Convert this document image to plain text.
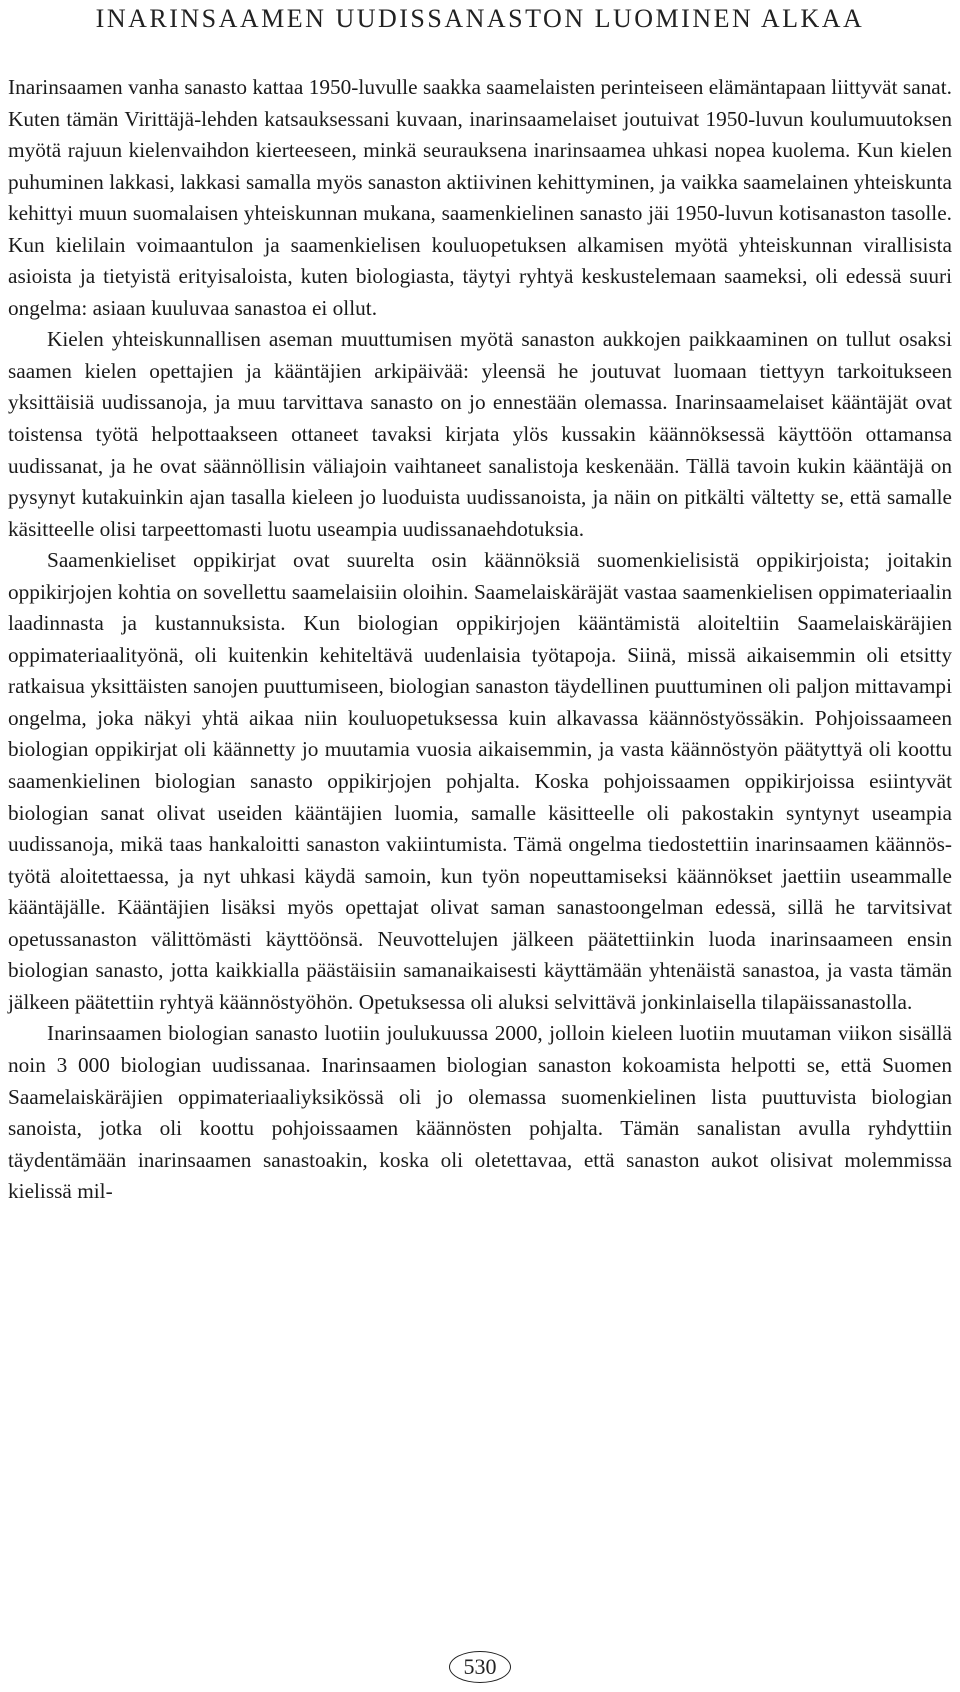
INARINSAAMEN UUDISSANASTON LUOMINEN ALKAA

Inarinsaamen vanha sanasto kattaa 1950-luvulle saakka saamelaisten perinteiseen elämäntapaan liittyvät sanat. Kuten tämän Virittäjä-lehden katsauksessani kuvaan, inarinsaamelaiset joutuivat 1950-luvun koulumuutoksen myötä rajuun kielenvaihdon kierteeseen, minkä seurauksena inarinsaamea uhkasi nopea kuolema. Kun kielen puhuminen lakkasi, lakkasi samalla myös sanaston aktiivinen kehittyminen, ja vaikka saamelainen yhteiskunta kehittyi muun suomalaisen yhteiskunnan mukana, saamenkielinen sanasto jäi 1950-luvun kotisanaston tasolle. Kun kielilain voimaantulon ja saamenkielisen kouluopetuksen alkamisen myötä yhteiskunnan virallisista asioista ja tietyistä erityisaloista, kuten biologiasta, täytyi ryhtyä keskustelemaan saameksi, oli edessä suuri ongelma: asiaan kuuluvaa sanastoa ei ollut.

Kielen yhteiskunnallisen aseman muuttumisen myötä sanaston aukkojen paikkaaminen on tullut osaksi saamen kielen opettajien ja kääntäjien arkipäivää: yleensä he joutuvat luomaan tiettyyn tarkoitukseen yksittäisiä uudissanoja, ja muu tarvittava sanasto on jo ennestään olemassa. Inarinsaamelaiset kääntäjät ovat toistensa työtä helpottaakseen ottaneet tavaksi kirjata ylös kussakin käännöksessä käyttöön ottamansa uudissanat, ja he ovat säännöllisin väliajoin vaihtaneet sanalistoja keskenään. Tällä tavoin kukin kääntäjä on pysynyt kutakuinkin ajan tasalla kieleen jo luoduista uudissanoista, ja näin on pitkälti vältetty se, että samalle käsitteelle olisi tarpeettomasti luotu useampia uudissanaehdotuksia.

Saamenkieliset oppikirjat ovat suurelta osin käännöksiä suomenkielisistä oppikirjoista; joitakin oppikirjojen kohtia on sovellettu saamelaisiin oloihin. Saamelaiskäräjät vastaa saamenkielisen oppimateriaalin laadinnasta ja kustannuksista. Kun biologian oppikirjojen kääntämistä aloiteltiin Saamelaiskäräjien oppimateriaalityönä, oli kuitenkin kehiteltävä uudenlaisia työtapoja. Siinä, missä aikaisemmin oli etsitty ratkaisua yksittäisten sanojen puuttumiseen, biologian sanaston täydellinen puuttuminen oli paljon mittavampi ongelma, joka näkyi yhtä aikaa niin kouluopetuksessa kuin alkavassa käännöstyössäkin. Pohjoissaameen biologian oppikirjat oli käännetty jo muutamia vuosia aikaisemmin, ja vasta käännöstyön päätyttyä oli koottu saamenkielinen biologian sanasto oppikirjojen pohjalta. Koska pohjoissaamen oppikirjoissa esiintyvät biologian sanat olivat useiden kääntäjien luomia, samalle käsitteelle oli pakostakin syntynyt useampia uudissanoja, mikä taas hankaloitti sanaston vakiintumista. Tämä ongelma tiedostettiin inarinsaamen käännöstyötä aloitettaessa, ja nyt uhkasi käydä samoin, kun työn nopeuttamiseksi käännökset jaettiin useammalle kääntäjälle. Kääntäjien lisäksi myös opettajat olivat saman sanastoongelman edessä, sillä he tarvitsivat opetussanaston välittömästi käyttöönsä. Neuvottelujen jälkeen päätettiinkin luoda inarinsaameen ensin biologian sanasto, jotta kaikkialla päästäisiin samanaikaisesti käyttämään yhtenäistä sanastoa, ja vasta tämän jälkeen päätettiin ryhtyä käännöstyöhön. Opetuksessa oli aluksi selvittävä jonkinlaisella tilapäissanastolla.

Inarinsaamen biologian sanasto luotiin joulukuussa 2000, jolloin kieleen luotiin muutaman viikon sisällä noin 3 000 biologian uudissanaa. Inarinsaamen biologian sanaston kokoamista helpotti se, että Suomen Saamelaiskäräjien oppimateriaaliyksikössä oli jo olemassa suomenkielinen lista puuttuvista biologian sanoista, jotka oli koottu pohjoissaamen käännösten pohjalta. Tämän sanalistan avulla ryhdyttiin täydentämään inarinsaamen sanastoakin, koska oli oletettavaa, että sanaston aukot olisivat molemmissa kielissä mil-

530
